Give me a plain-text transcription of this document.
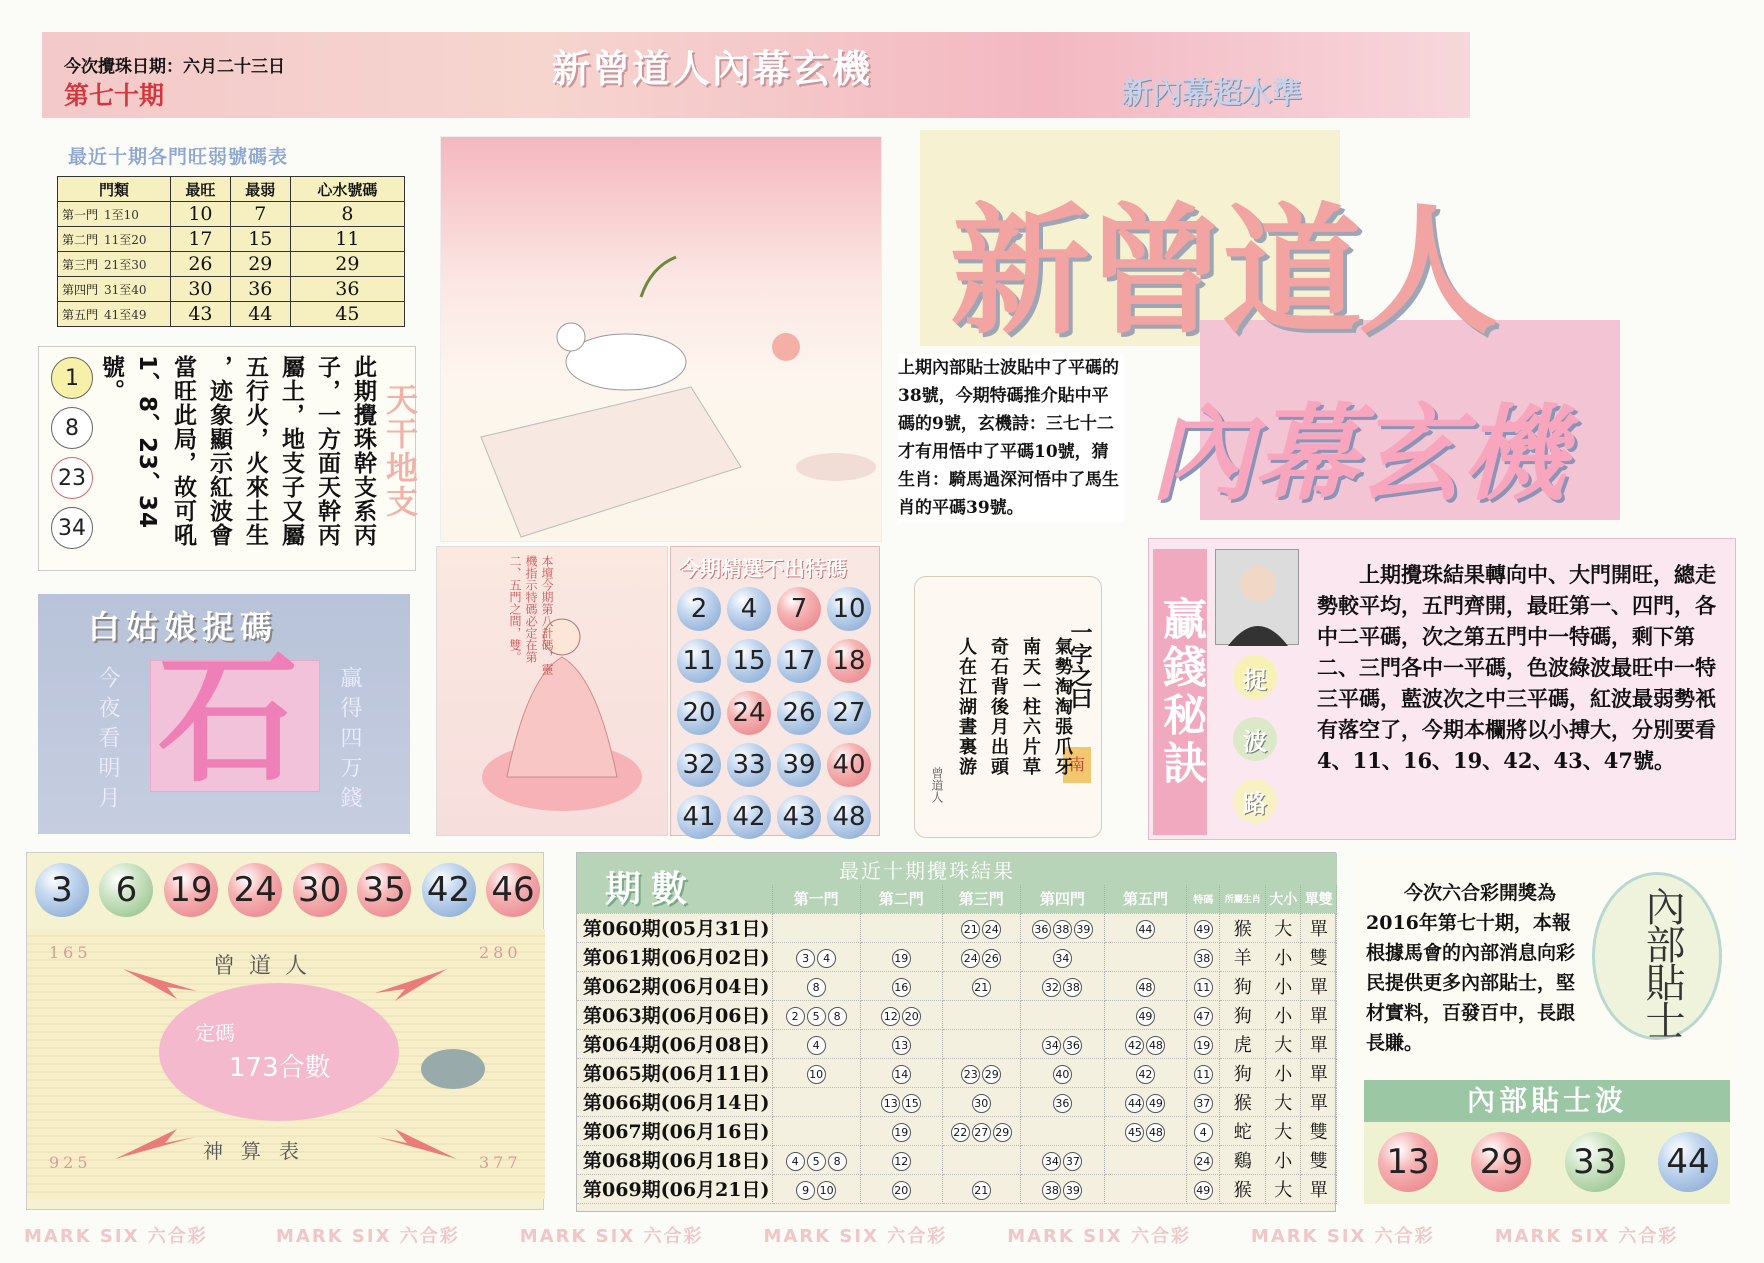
今次攪珠日期：六月二十三日
第七十期
新曾道人內幕玄機
新內幕超水準
最近十期各門旺弱號碼表
門類	最旺	最弱	心水號碼
第一門 1至10	10	7	8
第二門 11至20	17	15	11
第三門 21至30	26	29	29
第四門 31至40	30	36	36
第五門 41至49	43	44	45
182334	此期攪珠幹支系丙
子，一方面天幹丙
屬土，地支子又屬
五行火，火來土生
，迹象顯示紅波會
當旺此局，故可吼
1、8、23、34號。
天干地支
白姑娘捉碼
今夜看明月 石 贏得四万錢
本壇今期第八計碼，靈機指示特碼必定在第二、五門之間，雙。	今期精選不出特碼
2	4	7 10
11 15 17 18
20 24 26 27
32 33 39 40
41 42 43 48
新曾道人
內幕玄機
上期內部貼士波貼中了平碼的38號，今期特碼推介貼中平碼的9號，玄機詩：三七十二才有用悟中了平碼10號，猜生肖：騎馬過深河悟中了馬生肖的平碼39號。
一字之曰
南
氣勢淘淘張爪牙
南天一柱六片草
奇石背後月出頭
人在江湖晝裏游
曾道人	贏錢秘訣	捉波路
上期攪珠結果轉向中、大門開旺，總走勢較平均，五門齊開，最旺第一、四門，各中二平碼，次之第五門中一特碼，剩下第二、三門各中一平碼，色波綠波最旺中一特三平碼，藍波次之中三平碼，紅波最弱勢衹有落空了，今期本欄將以小搏大，分別要看4、11、16、19、42、43、47號。
3	6 19 24 30 35 42 46
曾道人
定碼
173合數
神算表
165	280
925	377
期數	最近十期攪珠結果
	第一門	第二門	第三門	第四門	第五門	特碼	所屬生肖	大小	單雙
第060期(05月31日)			21 24	36 38 39	44	49	猴	大	單
第061期(06月02日)	3 4	19	24 26	34		38	羊	小	雙
第062期(06月04日)	8	16	21	32 38	48	11	狗	小	單
第063期(06月06日)	2 5 8	12 20			49	47	狗	小	單
第064期(06月08日)	4	13		34 36	42 48	19	虎	大	單
第065期(06月11日)	10	14	23 29	40	42	11	狗	小	單
第066期(06月14日)		13 15	30	36	44 49	37	猴	大	單
第067期(06月16日)		19	22 27 29		45 48	4	蛇	大	雙
第068期(06月18日)	4 5 8	12		34 37		24	鷄	小	雙
第069期(06月21日)	9 10	20	21	38 39		49	猴	大	單
今次六合彩開獎為2016年第七十期，本報根據馬會的內部消息向彩民提供更多內部貼士，堅材實料，百發百中，長跟長賺。
內部貼士
內部貼士波
13 29 33 44
MARK SIX 六合彩	MARK SIX 六合彩	MARK SIX 六合彩	MARK SIX 六合彩	MARK SIX 六合彩	MARK SIX 六合彩	MARK SIX 六合彩
